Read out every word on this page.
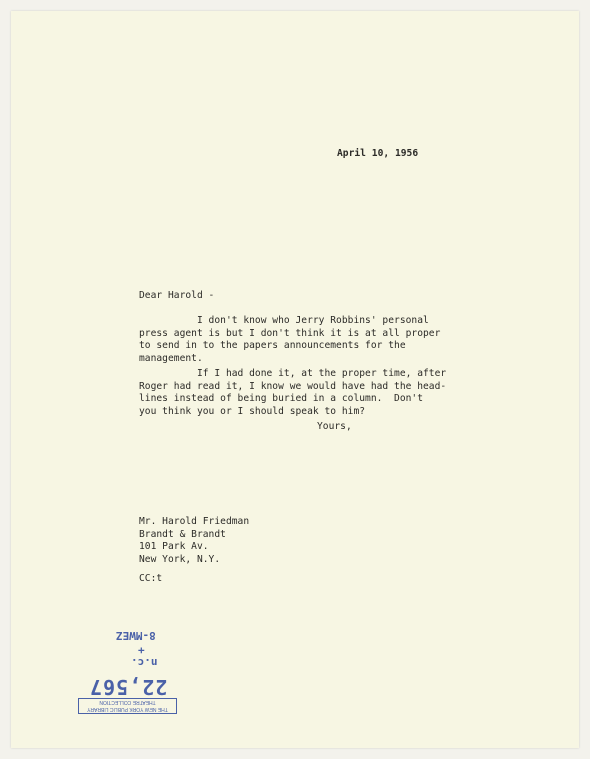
April 10, 1956
Dear Harold -
I don't know who Jerry Robbins' personal
press agent is but I don't think it is at all proper
to send in to the papers announcements for the
management.
If I had done it, at the proper time, after
Roger had read it, I know we would have had the head-
lines instead of being buried in a column.  Don't
you think you or I should speak to him?
Yours,
Mr. Harold Friedman
Brandt & Brandt
101 Park Av.
New York, N.Y.
CC:t
8-MWEZ
+
n.c.
22,567
THE NEW YORK PUBLIC LIBRARY
THEATRE COLLECTION
